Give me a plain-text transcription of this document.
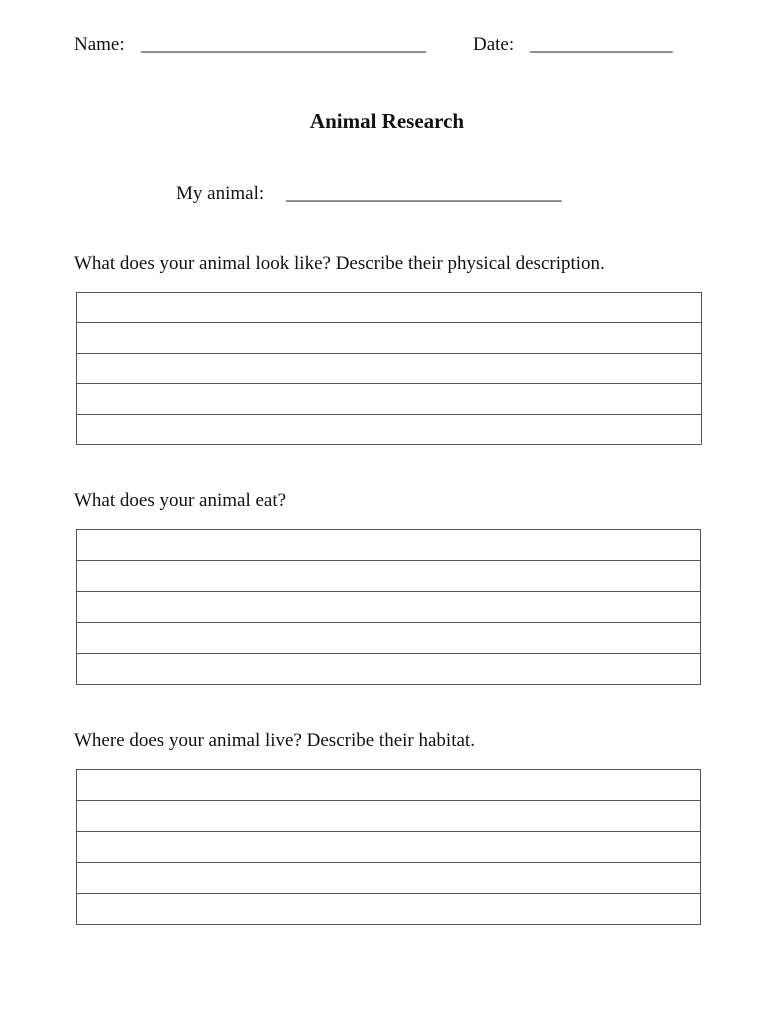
Name: ______________________________ Date: _______________
Animal Research
My animal: _____________________________
What does your animal look like? Describe their physical description.
What does your animal eat?
Where does your animal live? Describe their habitat.
